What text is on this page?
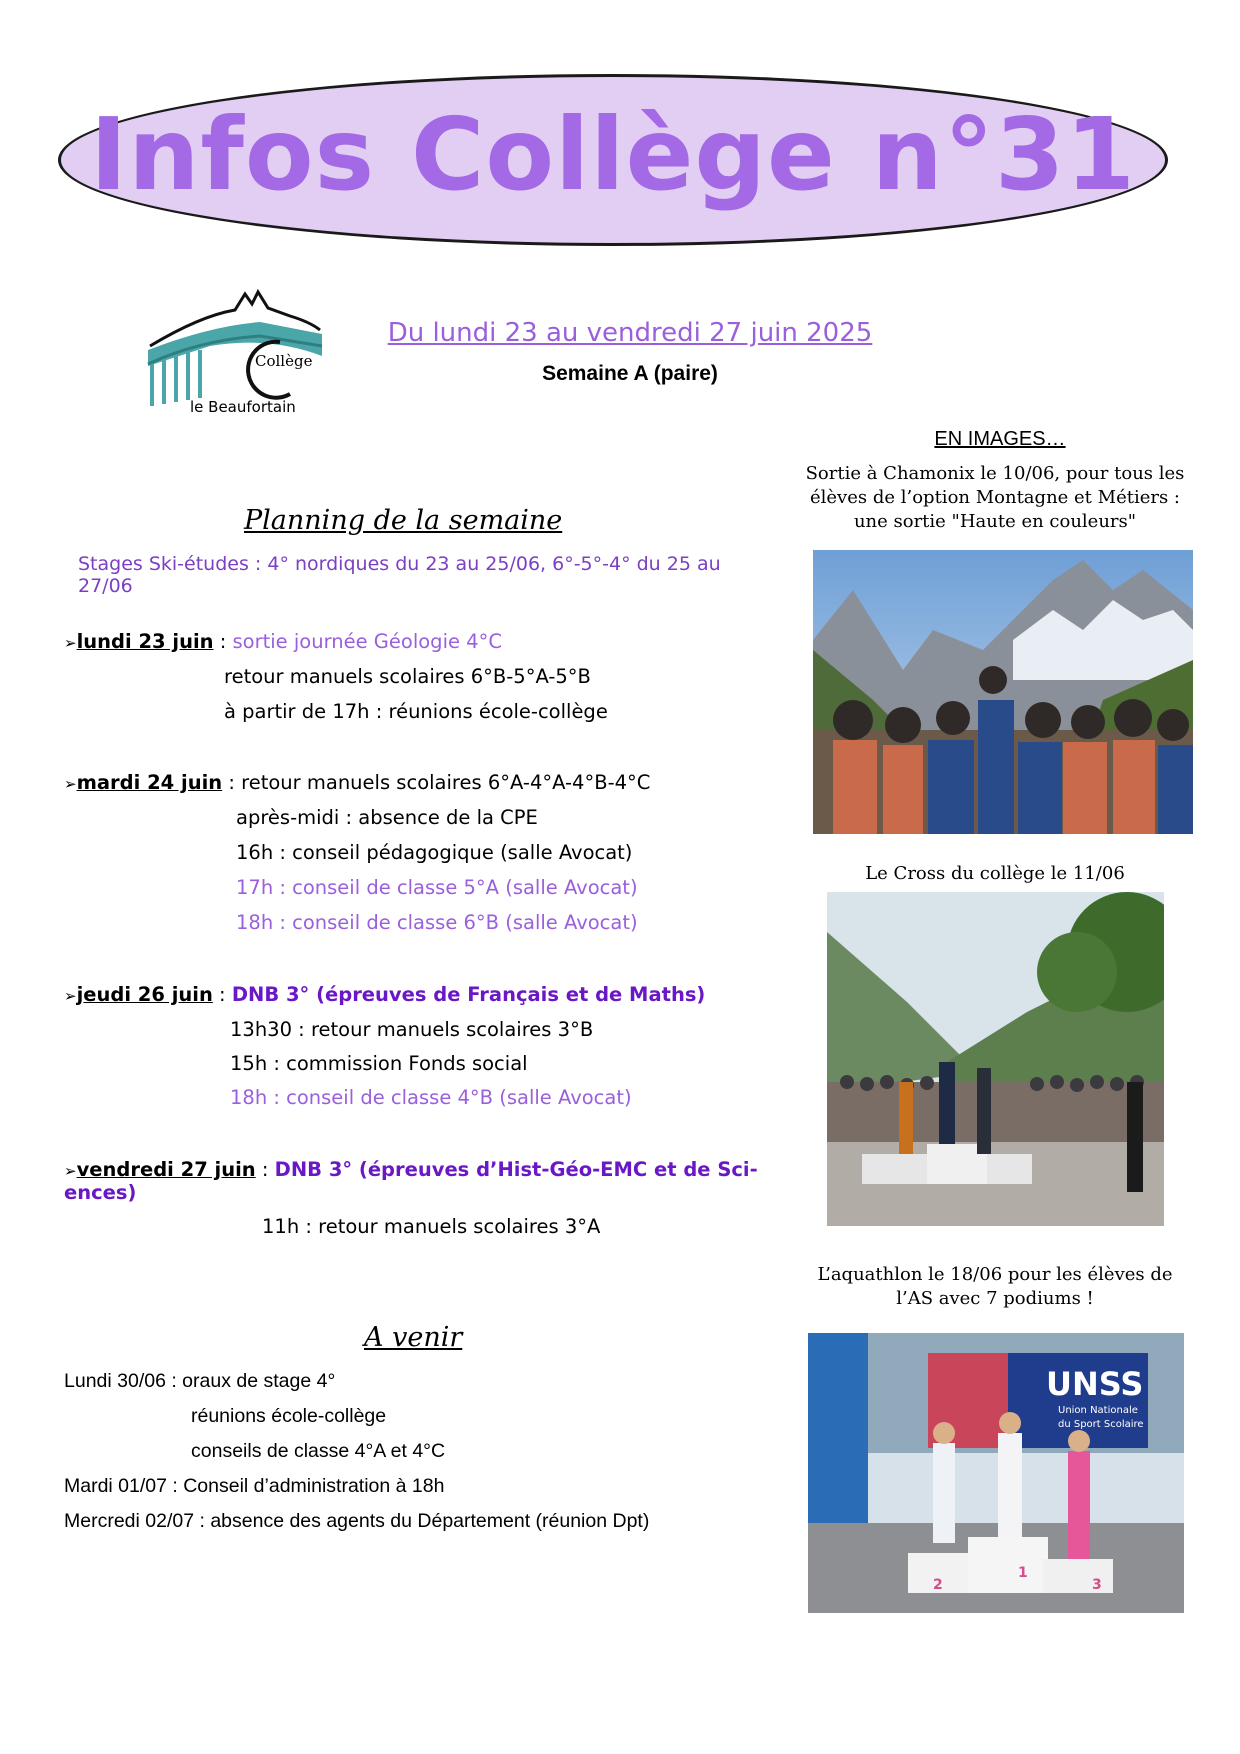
Infos Collège n°31
Collège
le Beaufortain
Du lundi 23 au vendredi 27 juin 2025
Semaine A (paire)
Planning de la semaine
Stages Ski-études : 4° nordiques du 23 au 25/06, 6°-5°-4° du 25 au 27/06
➢lundi 23 juin : sortie journée Géologie 4°C
retour manuels scolaires 6°B-5°A-5°B
à partir de 17h : réunions école-collège
➢mardi 24 juin : retour manuels scolaires 6°A-4°A-4°B-4°C
après-midi : absence de la CPE
16h : conseil pédagogique (salle Avocat)
17h : conseil de classe 5°A (salle Avocat)
18h : conseil de classe 6°B (salle Avocat)
➢jeudi 26 juin : DNB 3° (épreuves de Français et de Maths)
13h30 : retour manuels scolaires 3°B
15h : commission Fonds social
18h : conseil de classe 4°B (salle Avocat)
➢vendredi 27 juin : DNB 3° (épreuves d’Hist-Géo-EMC et de Sci-
ences)
11h : retour manuels scolaires 3°A
A venir
Lundi 30/06 : oraux de stage 4°
réunions école-collège
conseils de classe 4°A et 4°C
Mardi 01/07 : Conseil d’administration à 18h
Mercredi 02/07 : absence des agents du Département (réunion Dpt)
EN IMAGES…
Sortie à Chamonix le 10/06, pour tous les
élèves de l’option Montagne et Métiers :
une sortie "Haute en couleurs"
Le Cross du collège le 11/06
L’aquathlon le 18/06 pour les élèves de
l’AS avec 7 podiums !
UNSS
Union Nationale
du Sport Scolaire
2
1
3
